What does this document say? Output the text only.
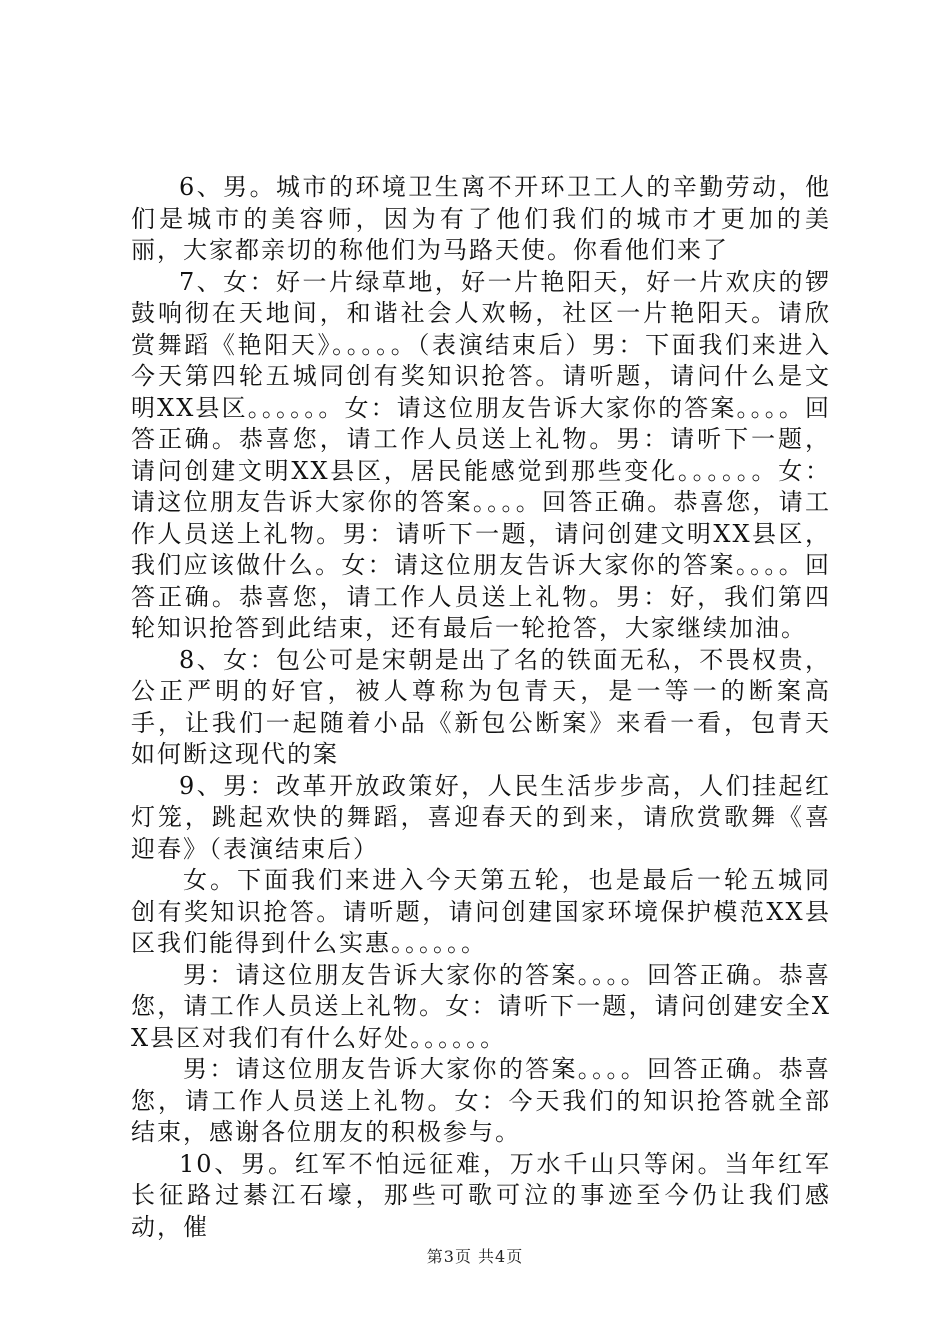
6、男。城市的环境卫生离不开环卫工人的辛勤劳动，他们是城市的美容师，因为有了他们我们的城市才更加的美丽，大家都亲切的称他们为马路天使。你看他们来了

7、女：好一片绿草地，好一片艳阳天，好一片欢庆的锣鼓响彻在天地间，和谐社会人欢畅，社区一片艳阳天。请欣赏舞蹈《艳阳天》。。。。。（表演结束后）男：下面我们来进入今天第四轮五城同创有奖知识抢答。请听题，请问什么是文明XX县区。。。。。。女：请这位朋友告诉大家你的答案。。。。回答正确。恭喜您，请工作人员送上礼物。男：请听下一题，请问创建文明XX县区，居民能感觉到那些变化。。。。。。女：请这位朋友告诉大家你的答案。。。。回答正确。恭喜您，请工作人员送上礼物。男：请听下一题，请问创建文明XX县区，我们应该做什么。女：请这位朋友告诉大家你的答案。。。。回答正确。恭喜您，请工作人员送上礼物。男：好，我们第四轮知识抢答到此结束，还有最后一轮抢答，大家继续加油。

8、女：包公可是宋朝是出了名的铁面无私，不畏权贵，公正严明的好官，被人尊称为包青天，是一等一的断案高手，让我们一起随着小品《新包公断案》来看一看，包青天如何断这现代的案

9、男：改革开放政策好，人民生活步步高，人们挂起红灯笼，跳起欢快的舞蹈，喜迎春天的到来，请欣赏歌舞《喜迎春》（表演结束后）

女。下面我们来进入今天第五轮，也是最后一轮五城同创有奖知识抢答。请听题，请问创建国家环境保护模范XX县区我们能得到什么实惠。。。。。。

男：请这位朋友告诉大家你的答案。。。。回答正确。恭喜您，请工作人员送上礼物。女：请听下一题，请问创建安全XX县区对我们有什么好处。。。。。。

男：请这位朋友告诉大家你的答案。。。。回答正确。恭喜您，请工作人员送上礼物。女：今天我们的知识抢答就全部结束，感谢各位朋友的积极参与。

10、男。红军不怕远征难，万水千山只等闲。当年红军长征路过綦江石壕，那些可歌可泣的事迹至今仍让我们感动，催

第3页 共4页
